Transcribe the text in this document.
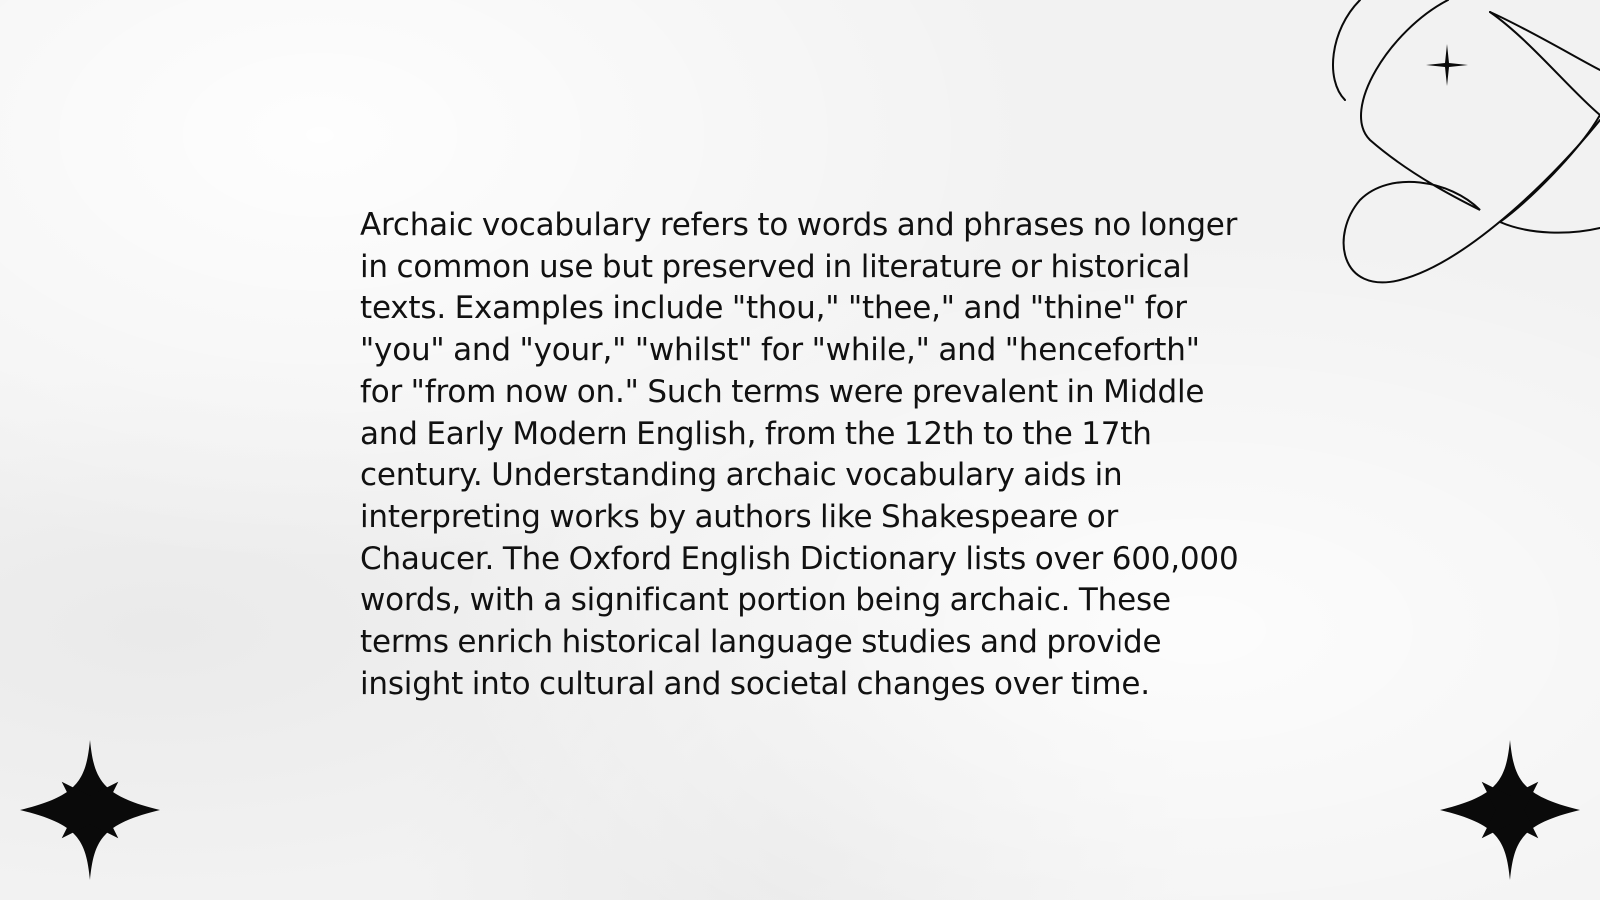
Archaic vocabulary refers to words and phrases no longer in common use but preserved in literature or historical texts. Examples include "thou," "thee," and "thine" for "you" and "your," "whilst" for "while," and "henceforth" for "from now on." Such terms were prevalent in Middle and Early Modern English, from the 12th to the 17th century. Understanding archaic vocabulary aids in interpreting works by authors like Shakespeare or Chaucer. The Oxford English Dictionary lists over 600,000 words, with a significant portion being archaic. These terms enrich historical language studies and provide insight into cultural and societal changes over time.
